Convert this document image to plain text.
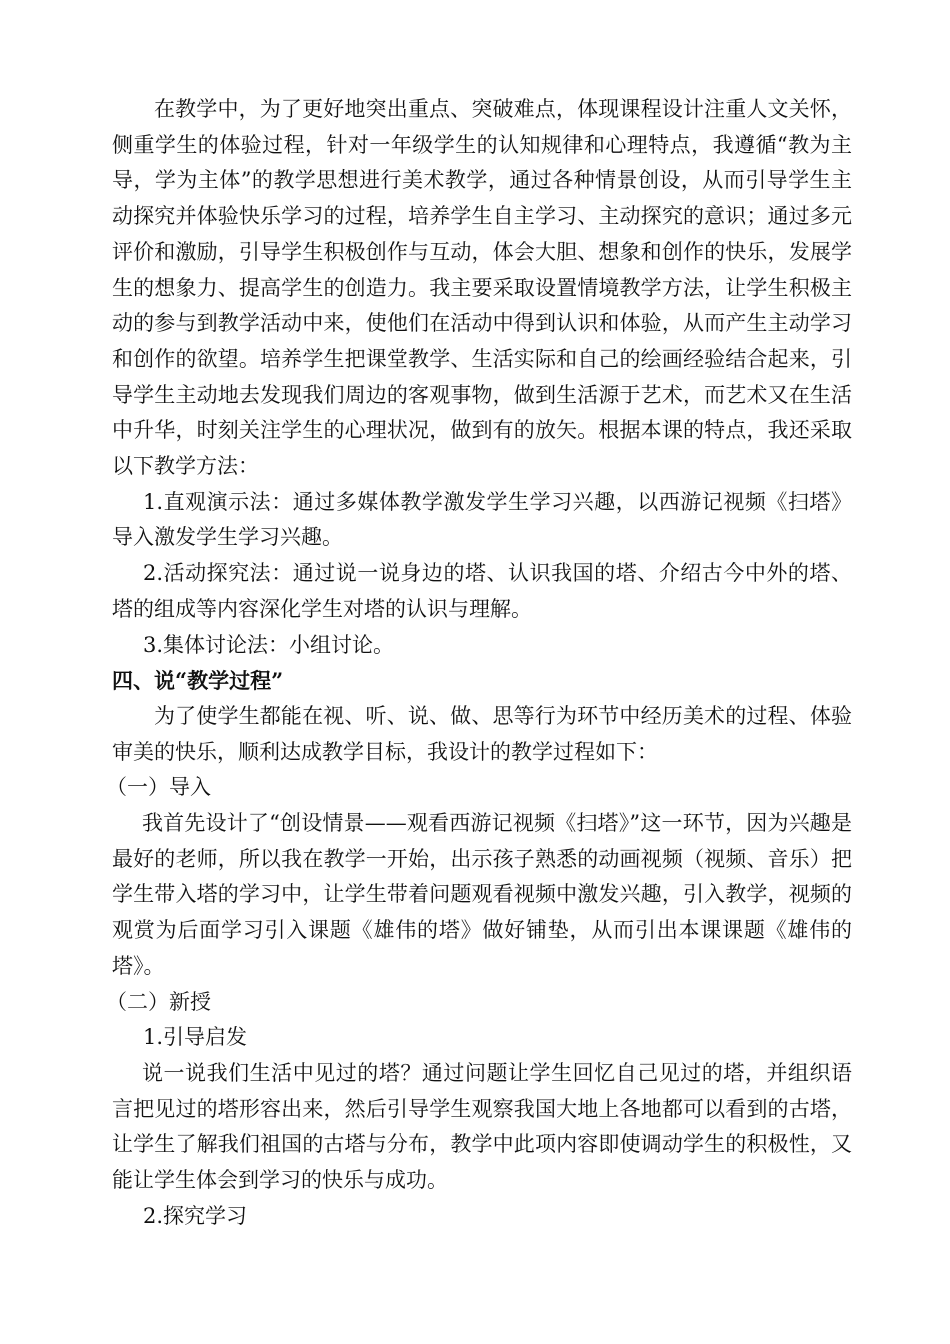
在教学中，为了更好地突出重点、突破难点，体现课程设计注重人文关怀，侧重学生的体验过程，针对一年级学生的认知规律和心理特点，我遵循“教为主导，学为主体”的教学思想进行美术教学，通过各种情景创设，从而引导学生主动探究并体验快乐学习的过程，培养学生自主学习、主动探究的意识；通过多元评价和激励，引导学生积极创作与互动，体会大胆、想象和创作的快乐，发展学生的想象力、提高学生的创造力。我主要采取设置情境教学方法，让学生积极主动的参与到教学活动中来，使他们在活动中得到认识和体验，从而产生主动学习和创作的欲望。培养学生把课堂教学、生活实际和自己的绘画经验结合起来，引导学生主动地去发现我们周边的客观事物，做到生活源于艺术，而艺术又在生活中升华，时刻关注学生的心理状况，做到有的放矢。根据本课的特点，我还采取以下教学方法：

1.直观演示法：通过多媒体教学激发学生学习兴趣，以西游记视频《扫塔》导入激发学生学习兴趣。

2.活动探究法：通过说一说身边的塔、认识我国的塔、介绍古今中外的塔、塔的组成等内容深化学生对塔的认识与理解。

3.集体讨论法：小组讨论。

四、说“教学过程”

为了使学生都能在视、听、说、做、思等行为环节中经历美术的过程、体验审美的快乐，顺利达成教学目标，我设计的教学过程如下：

（一）导入

我首先设计了“创设情景——观看西游记视频《扫塔》”这一环节，因为兴趣是最好的老师，所以我在教学一开始，出示孩子熟悉的动画视频（视频、音乐）把学生带入塔的学习中，让学生带着问题观看视频中激发兴趣，引入教学，视频的观赏为后面学习引入课题《雄伟的塔》做好铺垫，从而引出本课课题《雄伟的塔》。

（二）新授

1.引导启发

说一说我们生活中见过的塔？通过问题让学生回忆自己见过的塔，并组织语言把见过的塔形容出来，然后引导学生观察我国大地上各地都可以看到的古塔，让学生了解我们祖国的古塔与分布，教学中此项内容即使调动学生的积极性，又能让学生体会到学习的快乐与成功。

2.探究学习
